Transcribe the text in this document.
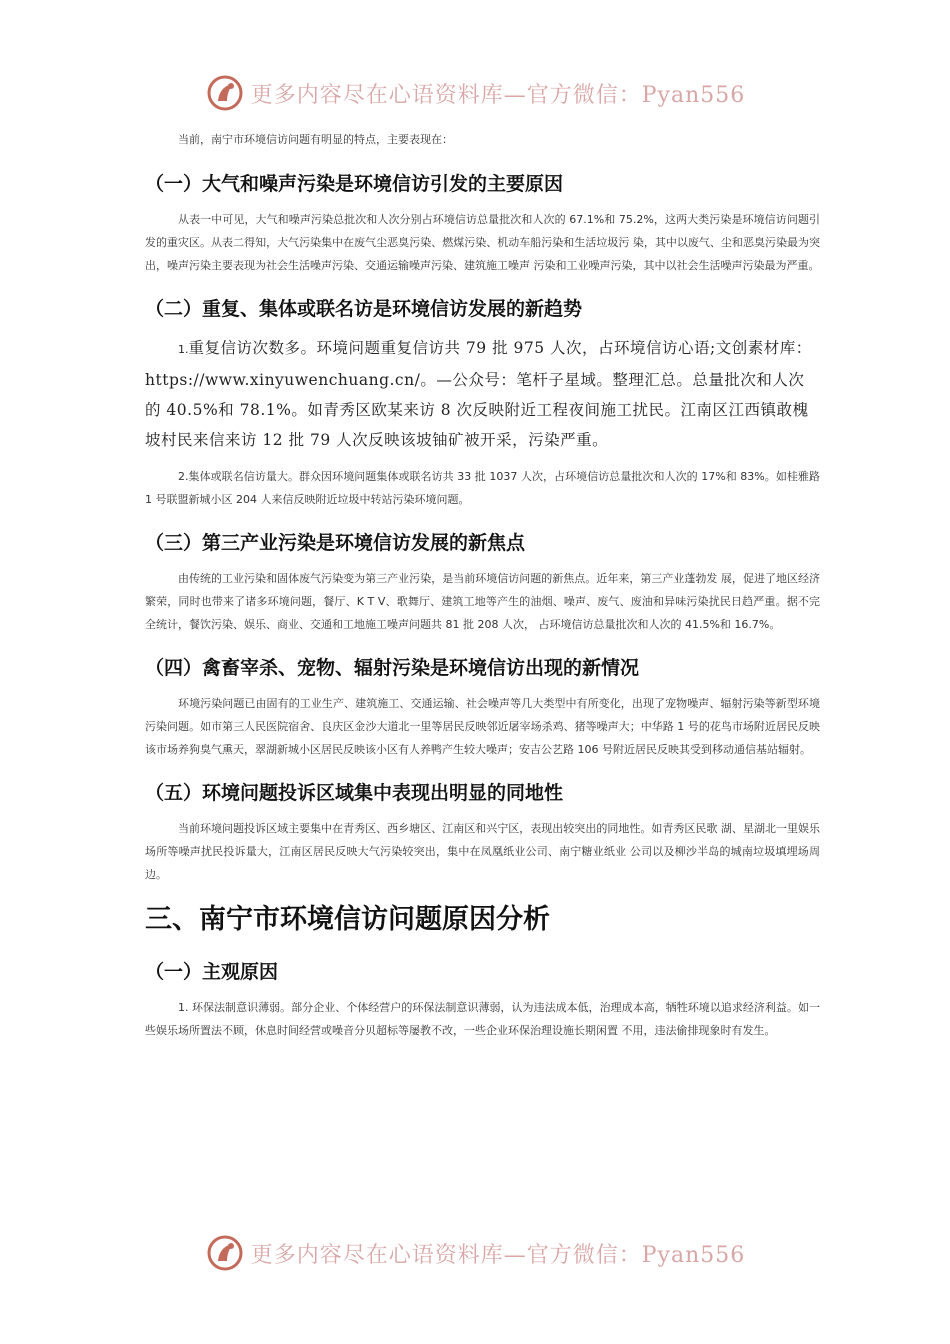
更多内容尽在心语资料库—官方微信：Pyan556

当前，南宁市环境信访问题有明显的特点，主要表现在：

（一）大气和噪声污染是环境信访引发的主要原因

从表一中可见，大气和噪声污染总批次和人次分别占环境信访总量批次和人次的 67.1%和 75.2%，这两大类污染是环境信访问题引发的重灾区。从表二得知，大气污染集中在废气尘恶臭污染、燃煤污染、机动车船污染和生活垃圾污 染，其中以废气、尘和恶臭污染最为突出，噪声污染主要表现为社会生活噪声污染、交通运输噪声污染、建筑施工噪声 污染和工业噪声污染，其中以社会生活噪声污染最为严重。

（二）重复、集体或联名访是环境信访发展的新趋势

1.重复信访次数多。环境问题重复信访共 79 批 975 人次，占环境信访心语;文创素材库：https://www.xinyuwenchuang.cn/。—公众号：笔杆子星域。整理汇总。总量批次和人次的 40.5%和 78.1%。如青秀区欧某来访 8 次反映附近工程夜间施工扰民。江南区江西镇敢槐坡村民来信来访 12 批 79 人次反映该坡铀矿被开采，污染严重。

2.集体或联名信访量大。群众因环境问题集体或联名访共 33 批 1037 人次，占环境信访总量批次和人次的 17%和 83%。如桂雅路 1 号联盟新城小区 204 人来信反映附近垃圾中转站污染环境问题。

（三）第三产业污染是环境信访发展的新焦点

由传统的工业污染和固体废气污染变为第三产业污染，是当前环境信访问题的新焦点。近年来，第三产业蓬勃发 展，促进了地区经济繁荣，同时也带来了诸多环境问题，餐厅、K T V、歌舞厅、建筑工地等产生的油烟、噪声、废气、废油和异味污染扰民日趋严重。据不完全统计，餐饮污染、娱乐、商业、交通和工地施工噪声问题共 81 批 208 人次， 占环境信访总量批次和人次的 41.5%和 16.7%。

（四）禽畜宰杀、宠物、辐射污染是环境信访出现的新情况

环境污染问题已由固有的工业生产、建筑施工、交通运输、社会噪声等几大类型中有所变化，出现了宠物噪声、辐射污染等新型环境污染问题。如市第三人民医院宿舍、良庆区金沙大道北一里等居民反映邻近屠宰场杀鸡、猪等噪声大；中华路 1 号的花鸟市场附近居民反映该市场养狗臭气熏天，翠湖新城小区居民反映该小区有人养鸭产生较大噪声；安吉公艺路 106 号附近居民反映其受到移动通信基站辐射。

（五）环境问题投诉区域集中表现出明显的同地性

当前环境问题投诉区域主要集中在青秀区、西乡塘区、江南区和兴宁区，表现出较突出的同地性。如青秀区民歌 湖、星湖北一里娱乐场所等噪声扰民投诉量大，江南区居民反映大气污染较突出，集中在凤凰纸业公司、南宁糖业纸业 公司以及柳沙半岛的城南垃圾填埋场周边。

三、南宁市环境信访问题原因分析
（一）主观原因

1. 环保法制意识薄弱。部分企业、个体经营户的环保法制意识薄弱，认为违法成本低，治理成本高，牺牲环境以追求经济利益。如一些娱乐场所置法不顾，休息时间经营或噪音分贝超标等屡教不改，一些企业环保治理设施长期闲置 不用，违法偷排现象时有发生。

更多内容尽在心语资料库—官方微信：Pyan556
